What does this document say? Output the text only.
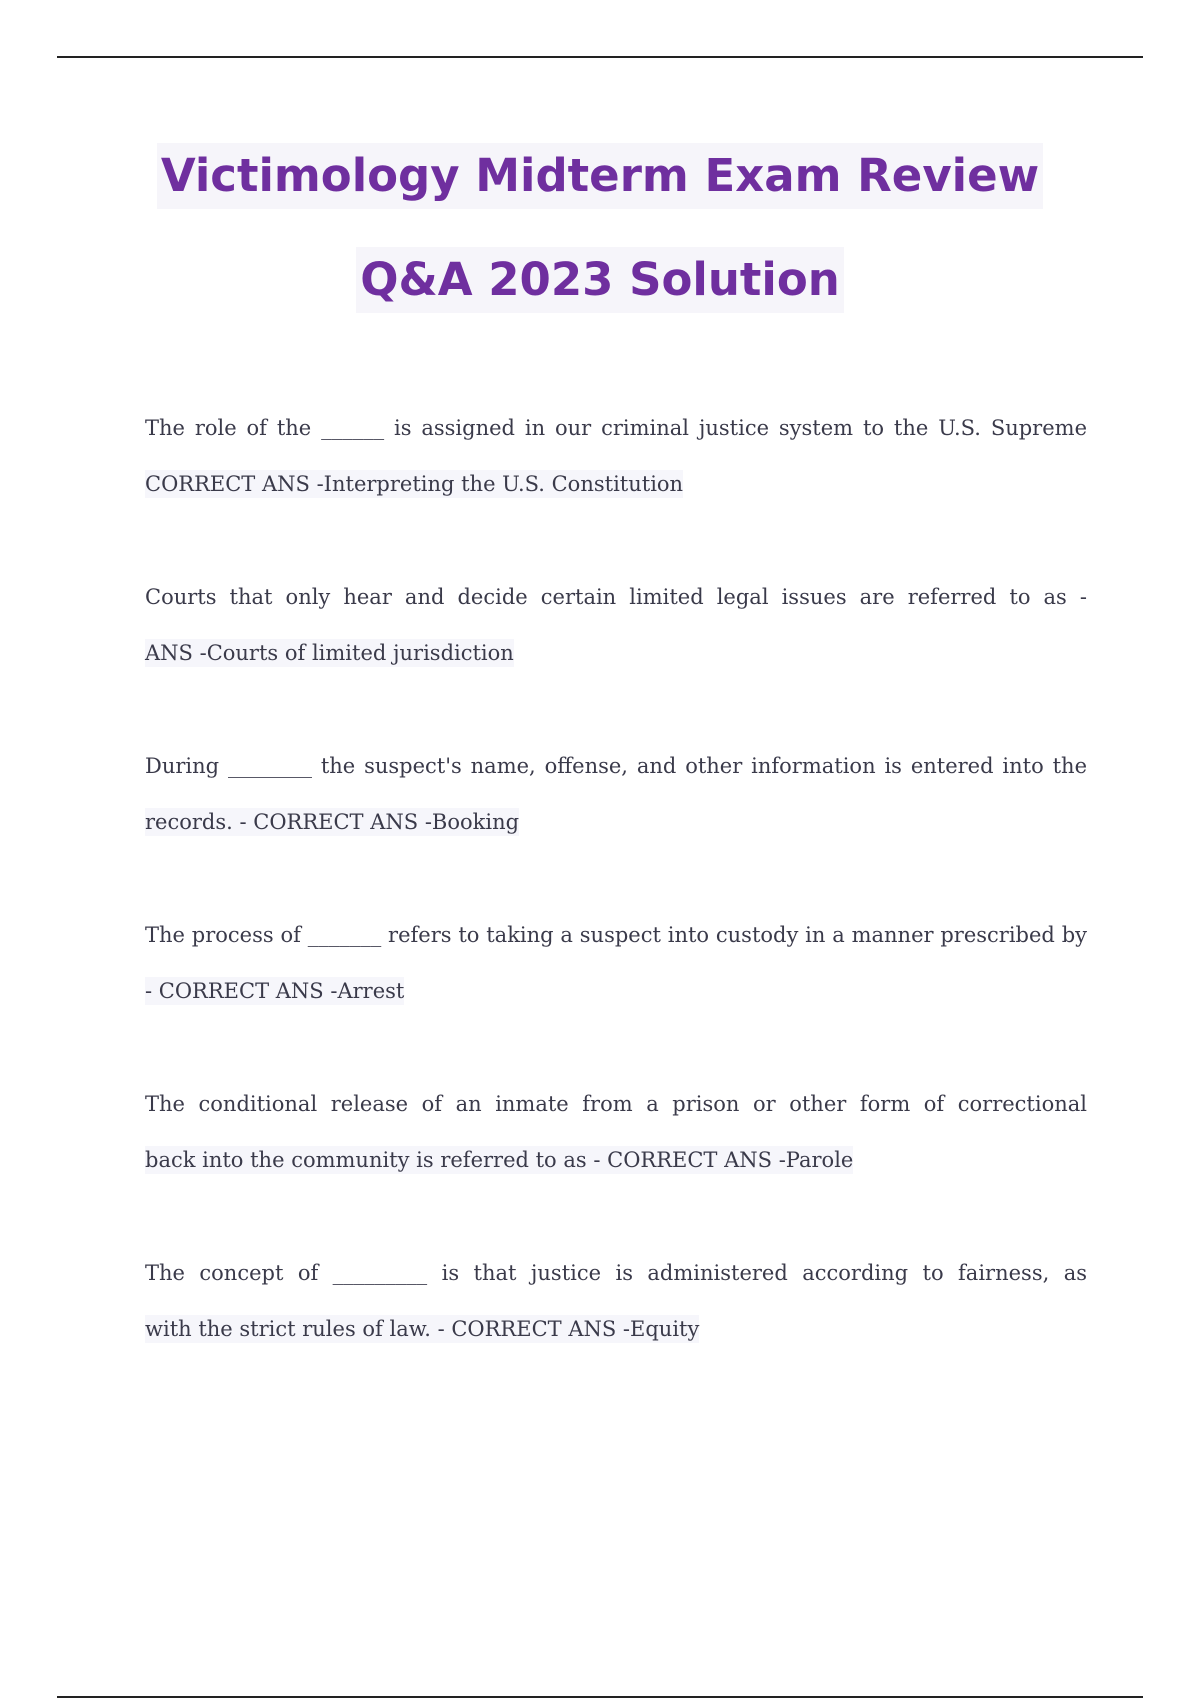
Victimology Midterm Exam Review
Q&A 2023 Solution
The role of the ______ is assigned in our criminal justice system to the U.S. Supreme
CORRECT ANS -Interpreting the U.S. Constitution
Courts that only hear and decide certain limited legal issues are referred to as -
ANS -Courts of limited jurisdiction
During ________ the suspect's name, offense, and other information is entered into the
records. - CORRECT ANS -Booking
The process of _______ refers to taking a suspect into custody in a manner prescribed by
- CORRECT ANS -Arrest
The conditional release of an inmate from a prison or other form of correctional
back into the community is referred to as - CORRECT ANS -Parole
The concept of _________ is that justice is administered according to fairness, as
with the strict rules of law. - CORRECT ANS -Equity
